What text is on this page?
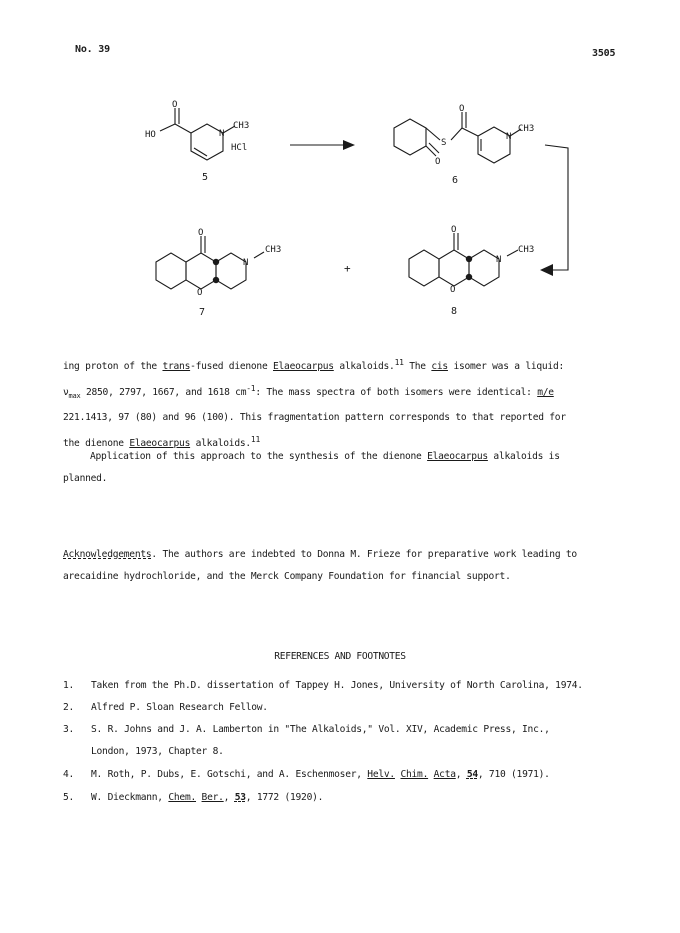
No. 39	3505
HO
O
N
CH3
HCl
5
S
O
O
N
CH3
6
O
O
N
CH3
7
+
O
O
N
CH3
8
ing proton of the trans-fused dienone Elaeocarpus alkaloids.$^{11}$ The cis isomer was a liquid:
$\nu_{max}$ 2850, 2797, 1667, and 1618 $cm^{-1}$: The mass spectra of both isomers were identical: m/e
221.1413, 97 (80) and 96 (100). This fragmentation pattern corresponds to that reported for
the dienone Elaeocarpus alkaloids.$^{11}$
Application of this approach to the synthesis of the dienone Elaeocarpus alkaloids is
planned.
Acknowledgements. The authors are indebted to Donna M. Frieze for preparative work leading to
arecaidine hydrochloride, and the Merck Company Foundation for financial support.
REFERENCES AND FOOTNOTES
1. Taken from the Ph.D. dissertation of Tappey H. Jones, University of North Carolina, 1974.
2. Alfred P. Sloan Research Fellow.
3. S. R. Johns and J. A. Lamberton in "The Alkaloids," Vol. XIV, Academic Press, Inc.,
London, 1973, Chapter 8.
4. M. Roth, P. Dubs, E. Gotschi, and A. Eschenmoser, Helv. Chim. Acta, 54, 710 (1971).
5. W. Dieckmann, Chem. Ber., 53, 1772 (1920).
